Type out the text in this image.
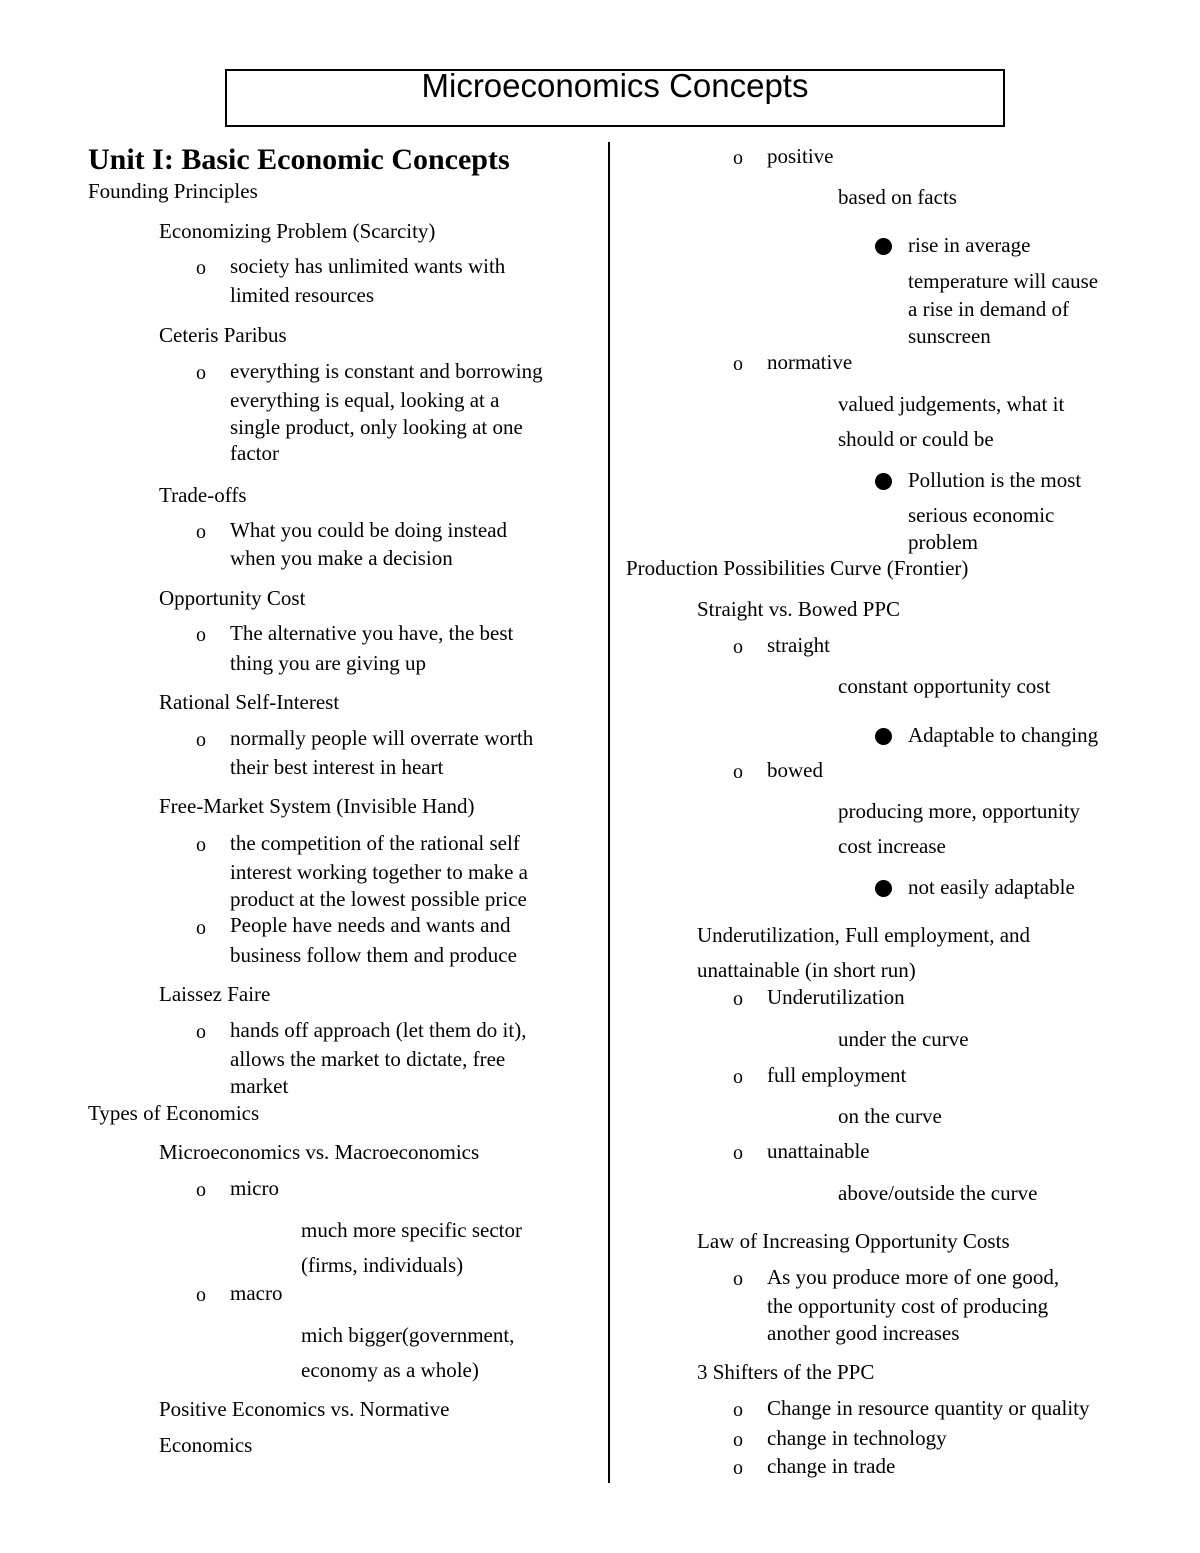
Microeconomics Concepts
Unit I: Basic Economic Concepts
Founding Principles
Economizing Problem (Scarcity)
o society has unlimited wants with
limited resources
Ceteris Paribus
o everything is constant and borrowing
everything is equal, looking at a
single product, only looking at one
factor
Trade-offs
o What you could be doing instead
when you make a decision
Opportunity Cost
o The alternative you have, the best
thing you are giving up
Rational Self-Interest
o normally people will overrate worth
their best interest in heart
Free-Market System (Invisible Hand)
o the competition of the rational self
interest working together to make a
product at the lowest possible price
o People have needs and wants and
business follow them and produce
Laissez Faire
o hands off approach (let them do it),
allows the market to dictate, free
market
Types of Economics
Microeconomics vs. Macroeconomics
o micro
much more specific sector
(firms, individuals)
o macro
mich bigger(government,
economy as a whole)
Positive Economics vs. Normative
Economics
o positive
based on facts
rise in average
temperature will cause
a rise in demand of
sunscreen
o normative
valued judgements, what it
should or could be
Pollution is the most
serious economic
problem
Production Possibilities Curve (Frontier)
Straight vs. Bowed PPC
o straight
constant opportunity cost
Adaptable to changing
o bowed
producing more, opportunity
cost increase
not easily adaptable
Underutilization, Full employment, and
unattainable (in short run)
o Underutilization
under the curve
o full employment
on the curve
o unattainable
above/outside the curve
Law of Increasing Opportunity Costs
o As you produce more of one good,
the opportunity cost of producing
another good increases
3 Shifters of the PPC
o Change in resource quantity or quality
o change in technology
o change in trade
